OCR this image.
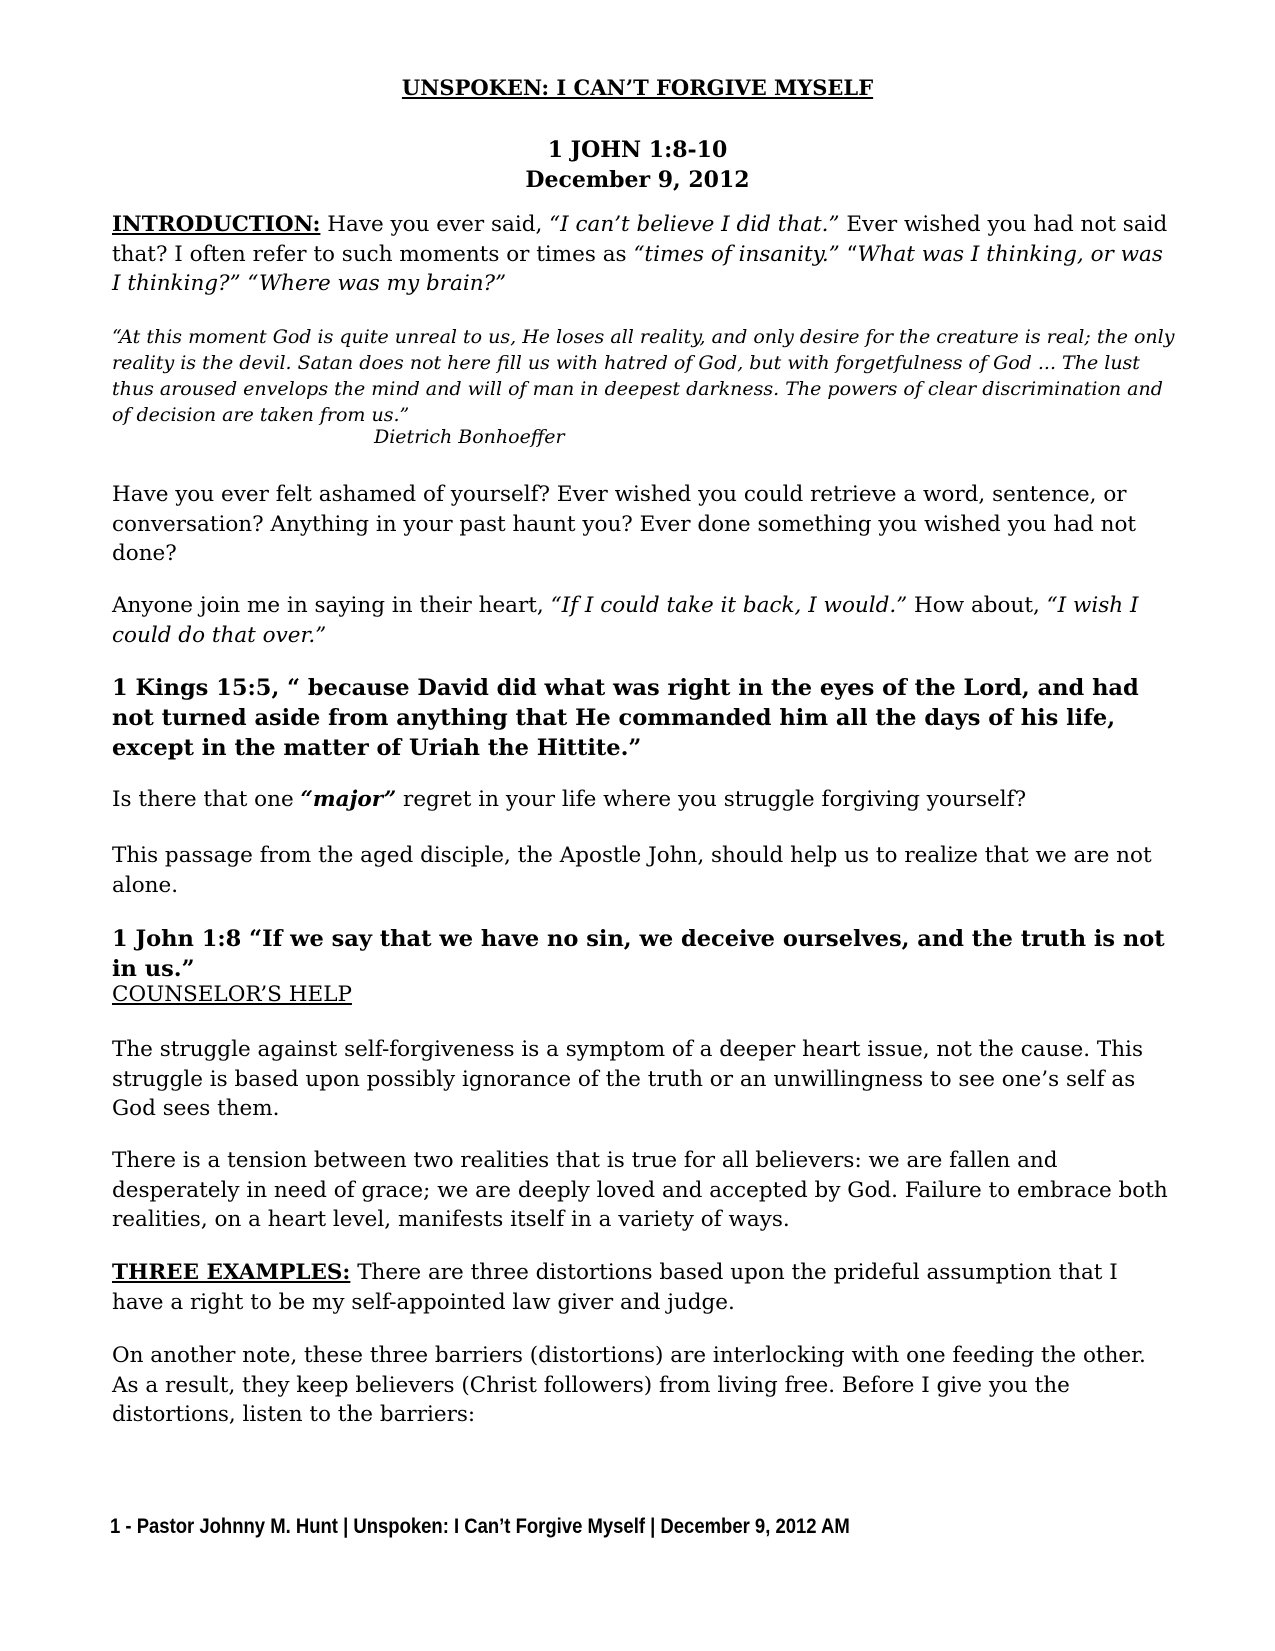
UNSPOKEN: I CAN’T FORGIVE MYSELF
1 JOHN 1:8-10
December 9, 2012
INTRODUCTION: Have you ever said, “I can’t believe I did that.” Ever wished you had not said that? I often refer to such moments or times as “times of insanity.” “What was I thinking, or was I thinking?” “Where was my brain?”
“At this moment God is quite unreal to us, He loses all reality, and only desire for the creature is real; the only reality is the devil. Satan does not here fill us with hatred of God, but with forgetfulness of God ... The lust thus aroused envelops the mind and will of man in deepest darkness. The powers of clear discrimination and of decision are taken from us.”
Dietrich Bonhoeffer
Have you ever felt ashamed of yourself? Ever wished you could retrieve a word, sentence, or conversation? Anything in your past haunt you? Ever done something you wished you had not done?
Anyone join me in saying in their heart, “If I could take it back, I would.” How about, “I wish I could do that over.”
1 Kings 15:5, “ because David did what was right in the eyes of the Lord, and had not turned aside from anything that He commanded him all the days of his life, except in the matter of Uriah the Hittite.”
Is there that one “major” regret in your life where you struggle forgiving yourself?
This passage from the aged disciple, the Apostle John, should help us to realize that we are not alone.
1 John 1:8 “If we say that we have no sin, we deceive ourselves, and the truth is not in us.”
COUNSELOR’S HELP
The struggle against self-forgiveness is a symptom of a deeper heart issue, not the cause. This struggle is based upon possibly ignorance of the truth or an unwillingness to see one’s self as God sees them.
There is a tension between two realities that is true for all believers: we are fallen and desperately in need of grace; we are deeply loved and accepted by God. Failure to embrace both realities, on a heart level, manifests itself in a variety of ways.
THREE EXAMPLES: There are three distortions based upon the prideful assumption that I have a right to be my self-appointed law giver and judge.
On another note, these three barriers (distortions) are interlocking with one feeding the other. As a result, they keep believers (Christ followers) from living free. Before I give you the distortions, listen to the barriers:
1 - Pastor Johnny M. Hunt | Unspoken: I Can’t Forgive Myself | December 9, 2012 AM
